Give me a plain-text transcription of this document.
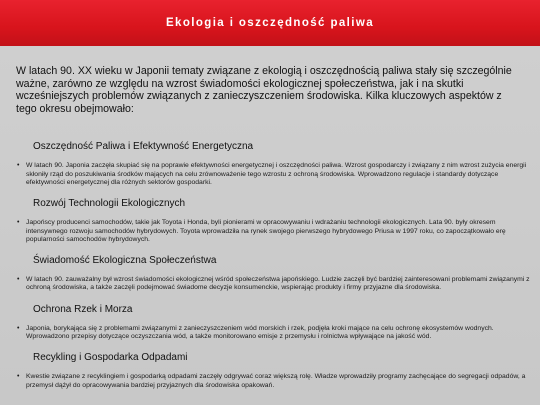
Ekologia i oszczędność paliwa

W latach 90. XX wieku w Japonii tematy związane z ekologią i oszczędnością paliwa stały się szczególnie ważne, zarówno ze względu na wzrost świadomości ekologicznej społeczeństwa, jak i na skutki wcześniejszych problemów związanych z zanieczyszczeniem środowiska. Kilka kluczowych aspektów z tego okresu obejmowało:

Oszczędność Paliwa i Efektywność Energetyczna
• W latach 90. Japonia zaczęła skupiać się na poprawie efektywności energetycznej i oszczędności paliwa. Wzrost gospodarczy i związany z nim wzrost zużycia energii skłoniły rząd do poszukiwania środków mających na celu zrównoważenie tego wzrostu z ochroną środowiska. Wprowadzono regulacje i standardy dotyczące efektywności energetycznej dla różnych sektorów gospodarki.
Rozwój Technologii Ekologicznych
• Japońscy producenci samochodów, takie jak Toyota i Honda, byli pionierami w opracowywaniu i wdrażaniu technologii ekologicznych. Lata 90. były okresem intensywnego rozwoju samochodów hybrydowych. Toyota wprowadziła na rynek swojego pierwszego hybrydowego Priusa w 1997 roku, co zapoczątkowało erę popularności samochodów hybrydowych.
Świadomość Ekologiczna Społeczeństwa
• W latach 90. zauważalny był wzrost świadomości ekologicznej wśród społeczeństwa japońskiego. Ludzie zaczęli być bardziej zainteresowani problemami związanymi z ochroną środowiska, a także zaczęli podejmować świadome decyzje konsumenckie, wspierając produkty i firmy przyjazne dla środowiska.
Ochrona Rzek i Morza
• Japonia, borykająca się z problemami związanymi z zanieczyszczeniem wód morskich i rzek, podjęła kroki mające na celu ochronę ekosystemów wodnych. Wprowadzono przepisy dotyczące oczyszczania wód, a także monitorowano emisje z przemysłu i rolnictwa wpływające na jakość wód.
Recykling i Gospodarka Odpadami
• Kwestie związane z recyklingiem i gospodarką odpadami zaczęły odgrywać coraz większą rolę. Władze wprowadziły programy zachęcające do segregacji odpadów, a przemysł dążył do opracowywania bardziej przyjaznych dla środowiska opakowań.
